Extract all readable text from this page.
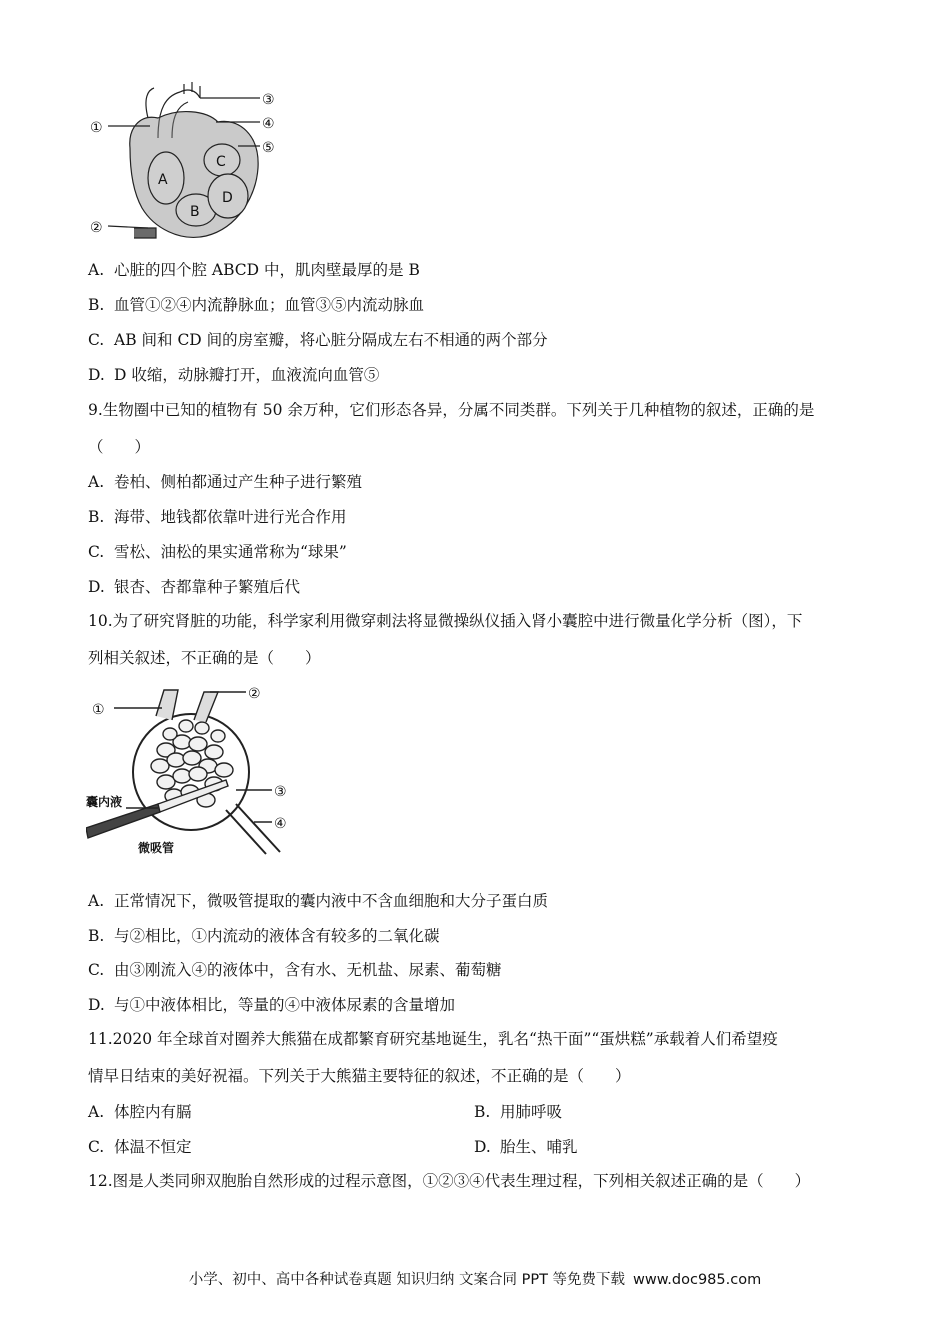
①
②
③
④
⑤
A
B
C
D
A. 心脏的四个腔 ABCD 中，肌肉壁最厚的是 B
B. 血管①②④内流静脉血；血管③⑤内流动脉血
C. AB 间和 CD 间的房室瓣，将心脏分隔成左右不相通的两个部分
D. D 收缩，动脉瓣打开，血液流向血管⑤
9.生物圈中已知的植物有 50 余万种，它们形态各异，分属不同类群。下列关于几种植物的叙述，正确的是
（　　）
A. 卷柏、侧柏都通过产生种子进行繁殖
B. 海带、地钱都依靠叶进行光合作用
C. 雪松、油松的果实通常称为“球果”
D. 银杏、杏都靠种子繁殖后代
10.为了研究肾脏的功能，科学家利用微穿刺法将显微操纵仪插入肾小囊腔中进行微量化学分析（图），下
列相关叙述，不正确的是（　　）
①
②
③
④
囊内液
微吸管
A. 正常情况下，微吸管提取的囊内液中不含血细胞和大分子蛋白质
B. 与②相比，①内流动的液体含有较多的二氧化碳
C. 由③刚流入④的液体中，含有水、无机盐、尿素、葡萄糖
D. 与①中液体相比，等量的④中液体尿素的含量增加
11.2020 年全球首对圈养大熊猫在成都繁育研究基地诞生，乳名“热干面”“蛋烘糕”承载着人们希望疫
情早日结束的美好祝福。下列关于大熊猫主要特征的叙述，不正确的是（　　）
A. 体腔内有膈	B. 用肺呼吸
C. 体温不恒定	D. 胎生、哺乳
12.图是人类同卵双胞胎自然形成的过程示意图，①②③④代表生理过程，下列相关叙述正确的是（　　）
小学、初中、高中各种试卷真题 知识归纳 文案合同 PPT 等免费下载 www.doc985.com
